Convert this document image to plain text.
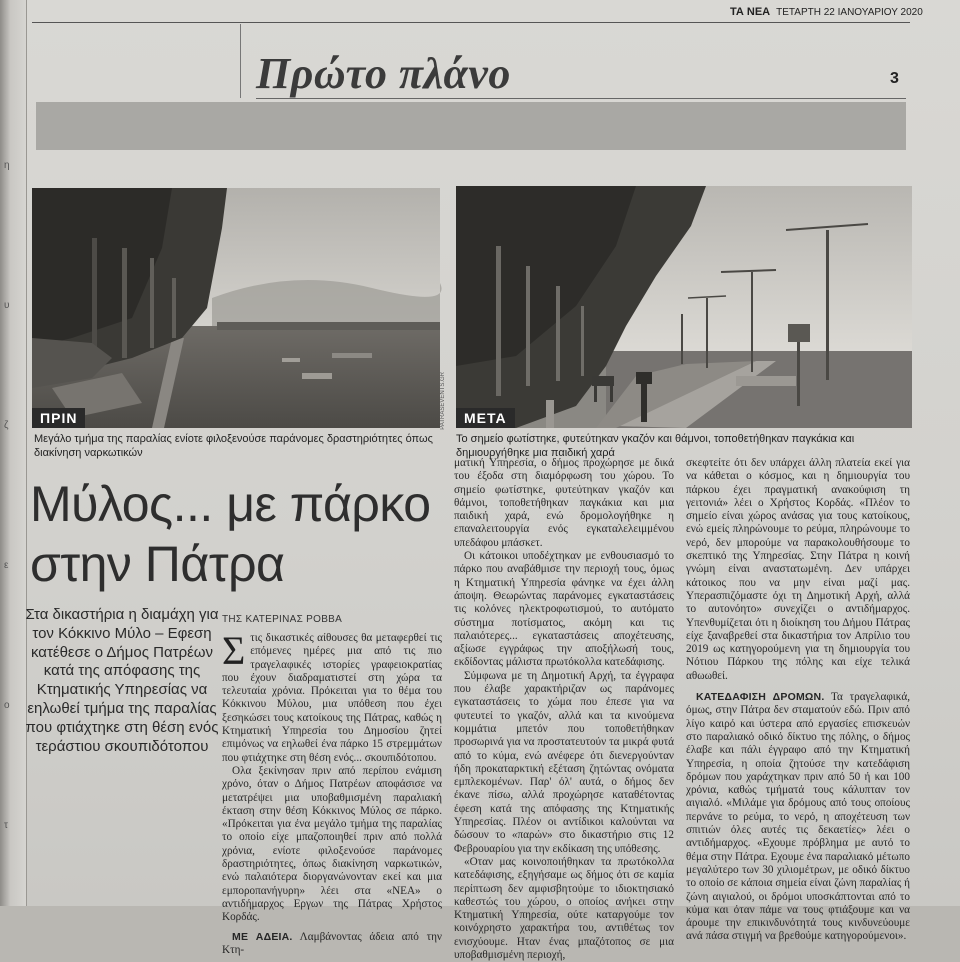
η
υ
ζ
ε
ο
τ
ΤΑ ΝΕΑ ΤΕΤΑΡΤΗ 22 ΙΑΝΟΥΑΡΙΟΥ 2020
Πρώτο πλάνο	3
ΠΡΙΝ
Μεγάλο τμήμα της παραλίας ενίοτε φιλοξενούσε παράνομες δραστηριότητες όπως διακίνηση ναρκωτικών
ΜΕΤΑ
PATRASEVENTS.GR
Το σημείο φωτίστηκε, φυτεύτηκαν γκαζόν και θάμνοι, τοποθετήθηκαν παγκάκια και δημιουργήθηκε μια παιδική χαρά
Μύλος... με πάρκο στην Πάτρα
Στα δικαστήρια η διαμάχη για τον Κόκκινο Μύλο – Εφεση κατέθεσε ο Δήμος Πατρέων κατά της απόφασης της Κτηματικής Υπηρεσίας να εηλωθεί τμήμα της παραλίας που φτιάχτηκε στη θέση ενός τεράστιου σκουπιδότοπου
ΤΗΣ ΚΑΤΕΡΙΝΑΣ ΡΟΒΒΑ

Στις δικαστικές αίθουσες θα μεταφερθεί τις επόμενες ημέρες μια από τις πιο τραγελαφικές ιστορίες γραφειοκρατίας που έχουν διαδραματιστεί στη χώρα τα τελευταία χρόνια. Πρόκειται για το θέμα του Κόκκινου Μύλου, μια υπόθεση που έχει ξεσηκώσει τους κατοίκους της Πάτρας, καθώς η Κτηματική Υπηρεσία του Δημοσίου ζητεί επιμόνως να εηλωθεί ένα πάρκο 15 στρεμμάτων που φτιάχτηκε στη θέση ενός... σκουπιδότοπου.

Ολα ξεκίνησαν πριν από περίπου ενάμιση χρόνο, όταν ο Δήμος Πατρέων αποφάσισε να μετατρέψει μια υποβαθμισμένη παραλιακή έκταση στην θέση Κόκκινος Μύλος σε πάρκο. «Πρόκειται για ένα μεγάλο τμήμα της παραλίας το οποίο είχε μπαζοποιηθεί πριν από πολλά χρόνια, ενίοτε φιλοξενούσε παράνομες δραστηριότητες, όπως διακίνηση ναρκωτικών, ενώ παλαιότερα διοργανώνονταν εκεί και μια εμποροπανήγυρη» λέει στα «ΝΕΑ» ο αντιδήμαρχος Εργων της Πάτρας Χρήστος Κορδάς.

ΜΕ ΑΔΕΙΑ. Λαμβάνοντας άδεια από την Κτη-

ματική Υπηρεσία, ο δήμος προχώρησε με δικά του έξοδα στη διαμόρφωση του χώρου. Το σημείο φωτίστηκε, φυτεύτηκαν γκαζόν και θάμνοι, τοποθετήθηκαν παγκάκια και μια παιδική χαρά, ενώ δρομολογήθηκε η επαναλειτουργία ενός εγκαταλελειμμένου υπεδάφου μπάσκετ.

Οι κάτοικοι υποδέχτηκαν με ενθουσιασμό το πάρκο που αναβάθμισε την περιοχή τους, όμως η Κτηματική Υπηρεσία φάνηκε να έχει άλλη άποψη. Θεωρώντας παράνομες εγκαταστάσεις τις κολόνες ηλεκτροφωτισμού, το αυτόματο σύστημα ποτίσματος, ακόμη και τις παλαιότερες... εγκαταστάσεις αποχέτευσης, αξίωσε εγγράφως την αποξήλωσή τους, εκδίδοντας μάλιστα πρωτόκολλα κατεδάφισης.

Σύμφωνα με τη Δημοτική Αρχή, τα έγγραφα που έλαβε χαρακτήριζαν ως παράνομες εγκαταστάσεις το χώμα που έπεσε για να φυτευτεί το γκαζόν, αλλά και τα κινούμενα κομμάτια μπετόν που τοποθετήθηκαν προσωρινά για να προστατευτούν τα μικρά φυτά από το κύμα, ενώ ανέφερε ότι διενεργούνταν ήδη προκαταρκτική εξέταση ζητώντας ονόματα εμπλεκομένων. Παρ' όλ' αυτά, ο δήμος δεν έκανε πίσω, αλλά προχώρησε καταθέτοντας έφεση κατά της απόφασης της Κτηματικής Υπηρεσίας. Πλέον οι αντίδικοι καλούνται να δώσουν το «παρών» στο δικαστήριο στις 12 Φεβρουαρίου για την εκδίκαση της υπόθεσης.

«Οταν μας κοινοποιήθηκαν τα πρωτόκολλα κατεδάφισης, εξηγήσαμε ως δήμος ότι σε καμία περίπτωση δεν αμφισβητούμε το ιδιοκτησιακό καθεστώς του χώρου, ο οποίος ανήκει στην Κτηματική Υπηρεσία, ούτε καταργούμε τον κοινόχρηστο χαρακτήρα του, αντιθέτως τον ενισχύουμε. Ηταν ένας μπαζότοπος σε μια υποβαθμισμένη περιοχή,

σκεφτείτε ότι δεν υπάρχει άλλη πλατεία εκεί για να κάθεται ο κόσμος, και η δημιουργία του πάρκου έχει πραγματική ανακούφιση τη γειτονιά» λέει ο Χρήστος Κορδάς. «Πλέον το σημείο είναι χώρος ανάσας για τους κατοίκους, ενώ εμείς πληρώνουμε το ρεύμα, πληρώνουμε το νερό, δεν μπορούμε να παρακολουθήσουμε το σκεπτικό της Υπηρεσίας. Στην Πάτρα η κοινή γνώμη είναι αναστατωμένη. Δεν υπάρχει κάτοικος που να μην είναι μαζί μας. Υπερασπιζόμαστε όχι τη Δημοτική Αρχή, αλλά το αυτονόητο» συνεχίζει ο αντιδήμαρχος. Υπενθυμίζεται ότι η διοίκηση του Δήμου Πάτρας είχε ξαναβρεθεί στα δικαστήρια τον Απρίλιο του 2019 ως κατηγορούμενη για τη δημιουργία του Νότιου Πάρκου της πόλης και είχε τελικά αθωωθεί.

ΚΑΤΕΔΑΦΙΣΗ ΔΡΟΜΩΝ. Τα τραγελαφικά, όμως, στην Πάτρα δεν σταματούν εδώ. Πριν από λίγο καιρό και ύστερα από εργασίες επισκευών στο παραλιακό οδικό δίκτυο της πόλης, ο δήμος έλαβε και πάλι έγγραφο από την Κτηματική Υπηρεσία, η οποία ζητούσε την κατεδάφιση δρόμων που χαράχτηκαν πριν από 50 ή και 100 χρόνια, καθώς τμήματά τους κάλυπταν τον αιγιαλό. «Μιλάμε για δρόμους από τους οποίους περνάνε το ρεύμα, το νερό, η αποχέτευση των σπιτιών όλες αυτές τις δεκαετίες» λέει ο αντιδήμαρχος. «Εχουμε πρόβλημα με αυτό το θέμα στην Πάτρα. Εχουμε ένα παραλιακό μέτωπο μεγαλύτερο των 30 χιλιομέτρων, με οδικό δίκτυο το οποίο σε κάποια σημεία είναι ζώνη παραλίας ή ζώνη αιγιαλού, οι δρόμοι υποσκάπτονται από το κύμα και όταν πάμε να τους φτιάξουμε και να άρουμε την επικινδυνότητά τους κινδυνεύουμε ανά πάσα στιγμή να βρεθούμε κατηγορούμενοι».
